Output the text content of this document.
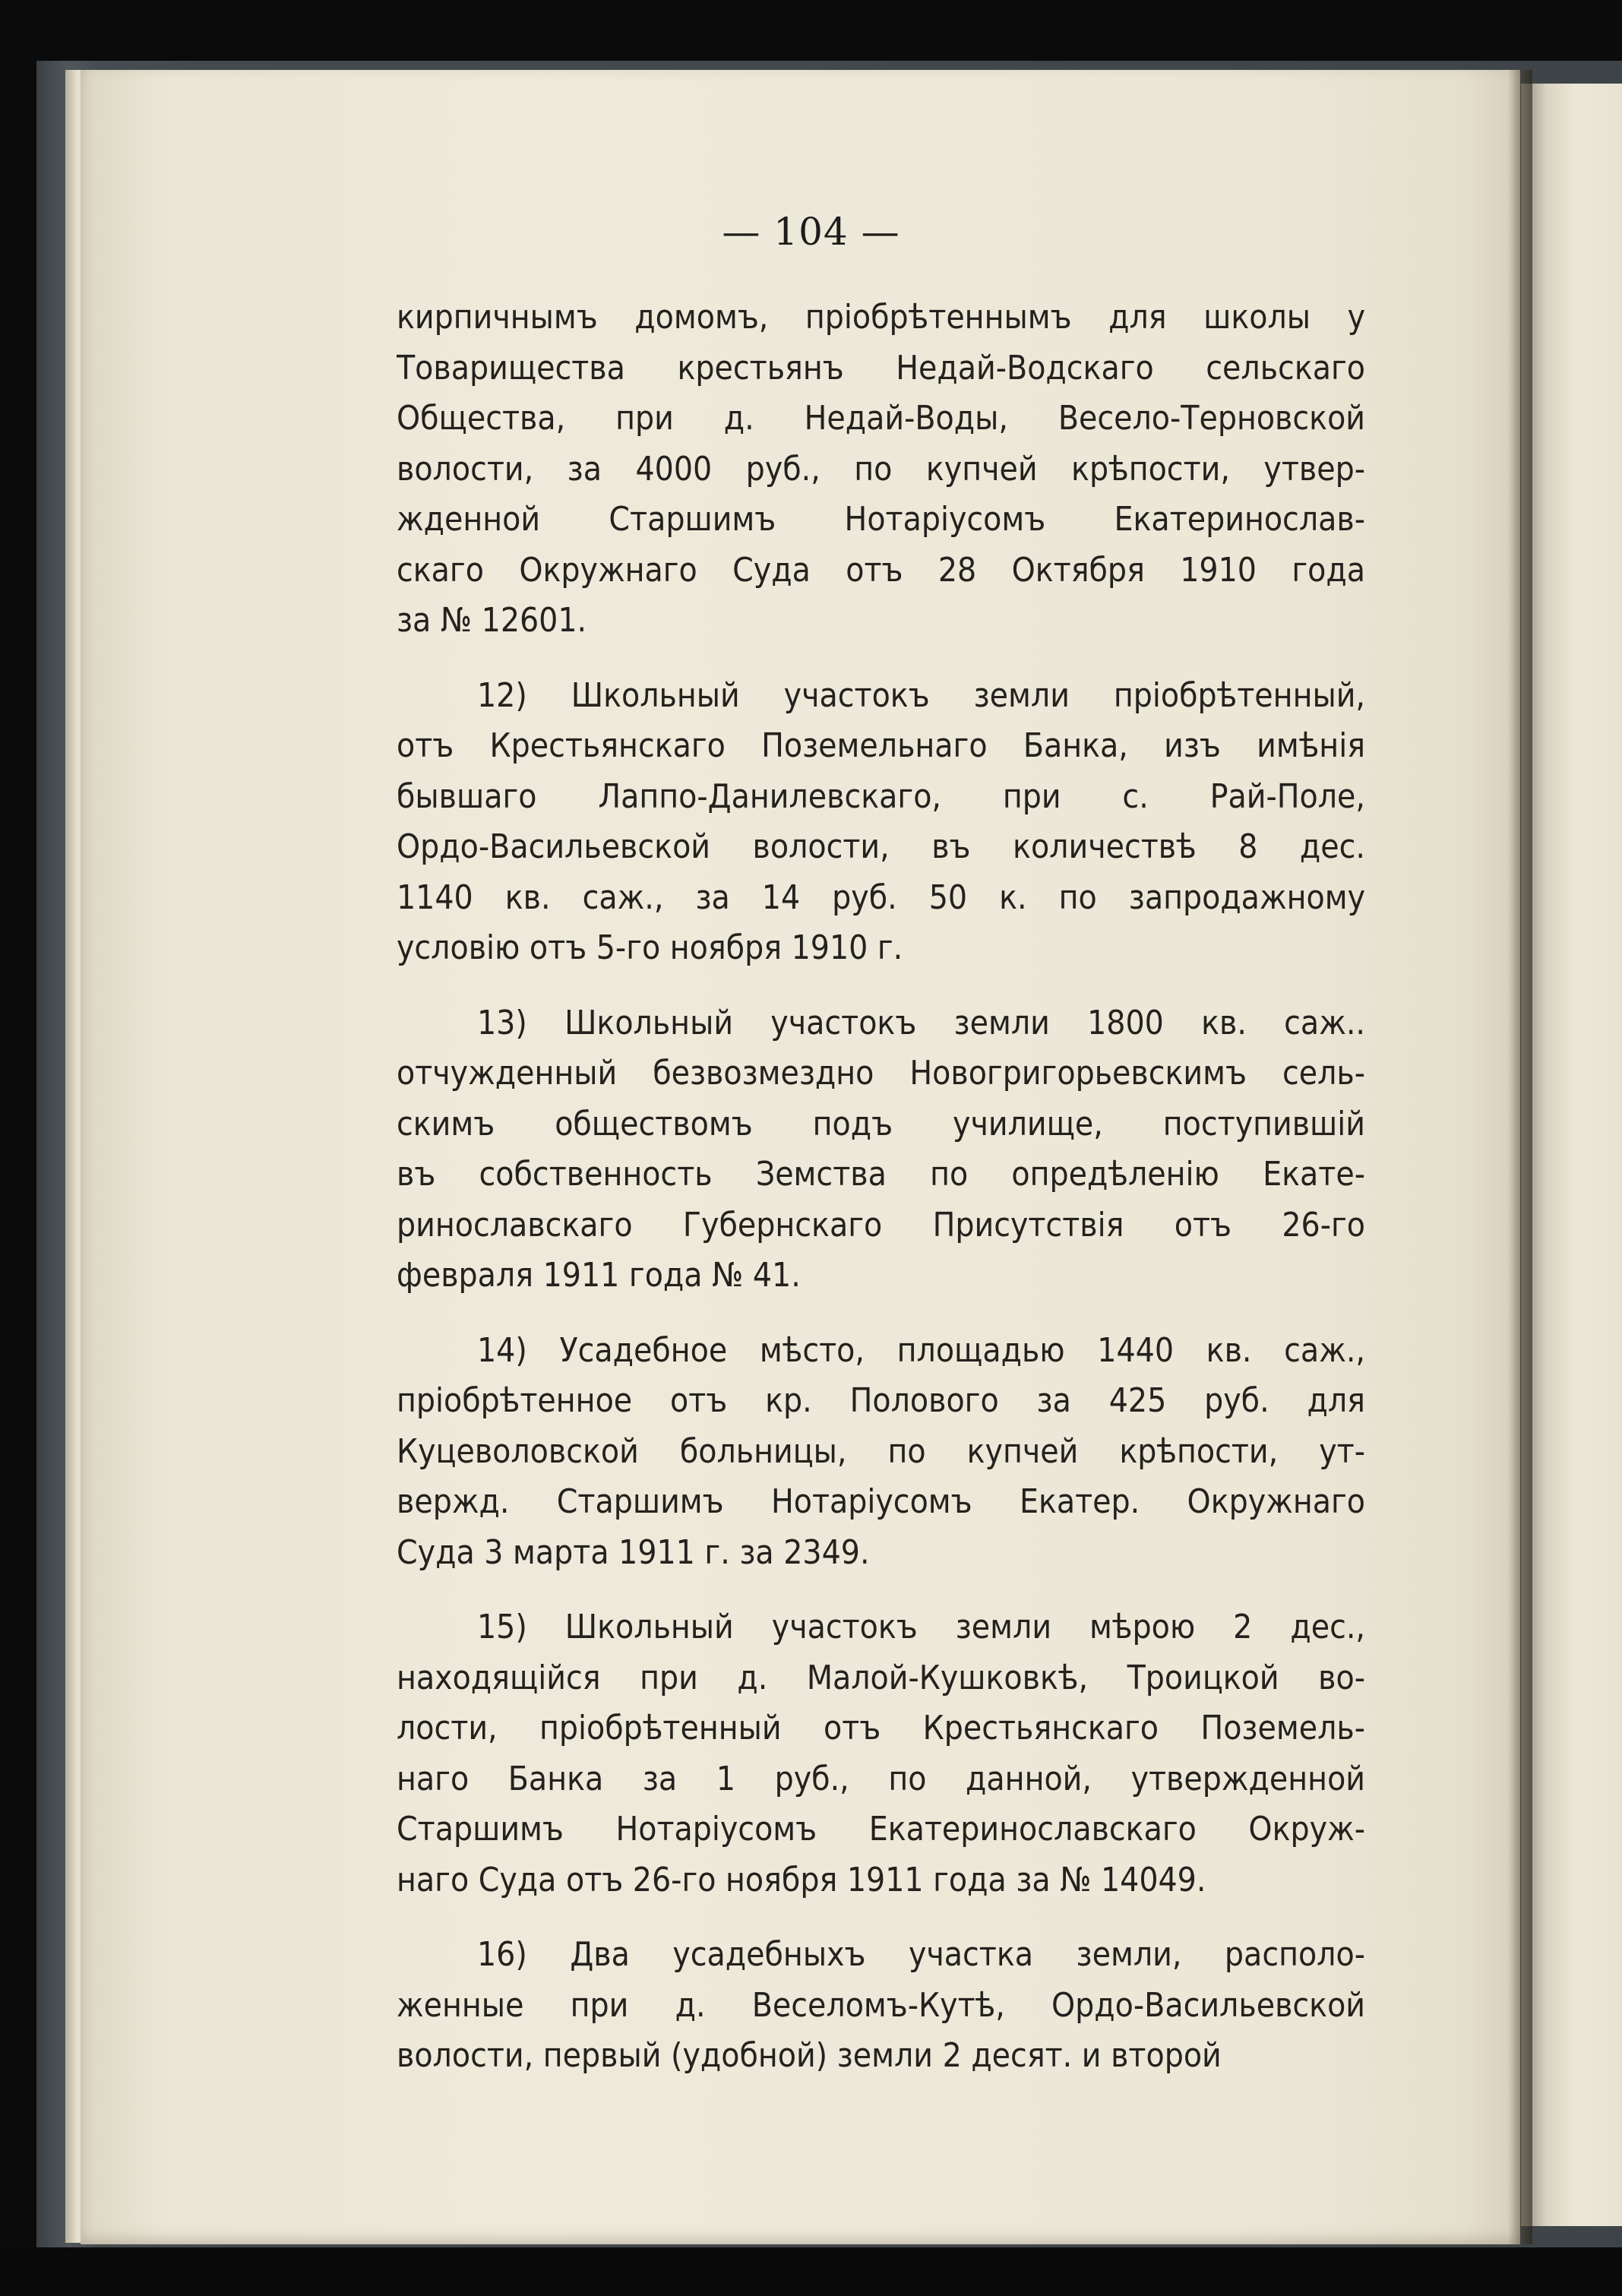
— 104 —
кирпичнымъ домомъ, пріобрѣтеннымъ для школы у
Товарищества крестьянъ Недай-Водскаго сельскаго
Общества, при д. Недай-Воды, Весело-Терновской
волости, за 4000 руб., по купчей крѣпости, утвер-
жденной Старшимъ Нотаріусомъ Екатеринослав-
скаго Окружнаго Суда отъ 28 Октября 1910 года
за № 12601.
12) Школьный участокъ земли пріобрѣтенный,
отъ Крестьянскаго Поземельнаго Банка, изъ имѣнія
бывшаго Лаппо-Данилевскаго, при с. Рай-Поле,
Ордо-Васильевской волости, въ количествѣ 8 дес.
1140 кв. саж., за 14 руб. 50 к. по запродажному
условію отъ 5-го ноября 1910 г.
13) Школьный участокъ земли 1800 кв. саж..
отчужденный безвозмездно Новогригорьевскимъ сель-
скимъ обществомъ подъ училище, поступившій
въ собственность Земства по опредѣленію Екате-
ринославскаго Губернскаго Присутствія отъ 26-го
февраля 1911 года № 41.
14) Усадебное мѣсто, площадью 1440 кв. саж.,
пріобрѣтенное отъ кр. Полового за 425 руб. для
Куцеволовской больницы, по купчей крѣпости, ут-
вержд. Старшимъ Нотаріусомъ Екатер. Окружнаго
Суда 3 марта 1911 г. за 2349.
15) Школьный участокъ земли мѣрою 2 дес.,
находящійся при д. Малой-Кушковкѣ, Троицкой во-
лости, пріобрѣтенный отъ Крестьянскаго Поземель-
наго Банка за 1 руб., по данной, утвержденной
Старшимъ Нотаріусомъ Екатеринославскаго Окруж-
наго Суда отъ 26-го ноября 1911 года за № 14049.
16) Два усадебныхъ участка земли, располо-
женные при д. Веселомъ-Кутѣ, Ордо-Васильевской
волости, первый (удобной) земли 2 десят. и второй
